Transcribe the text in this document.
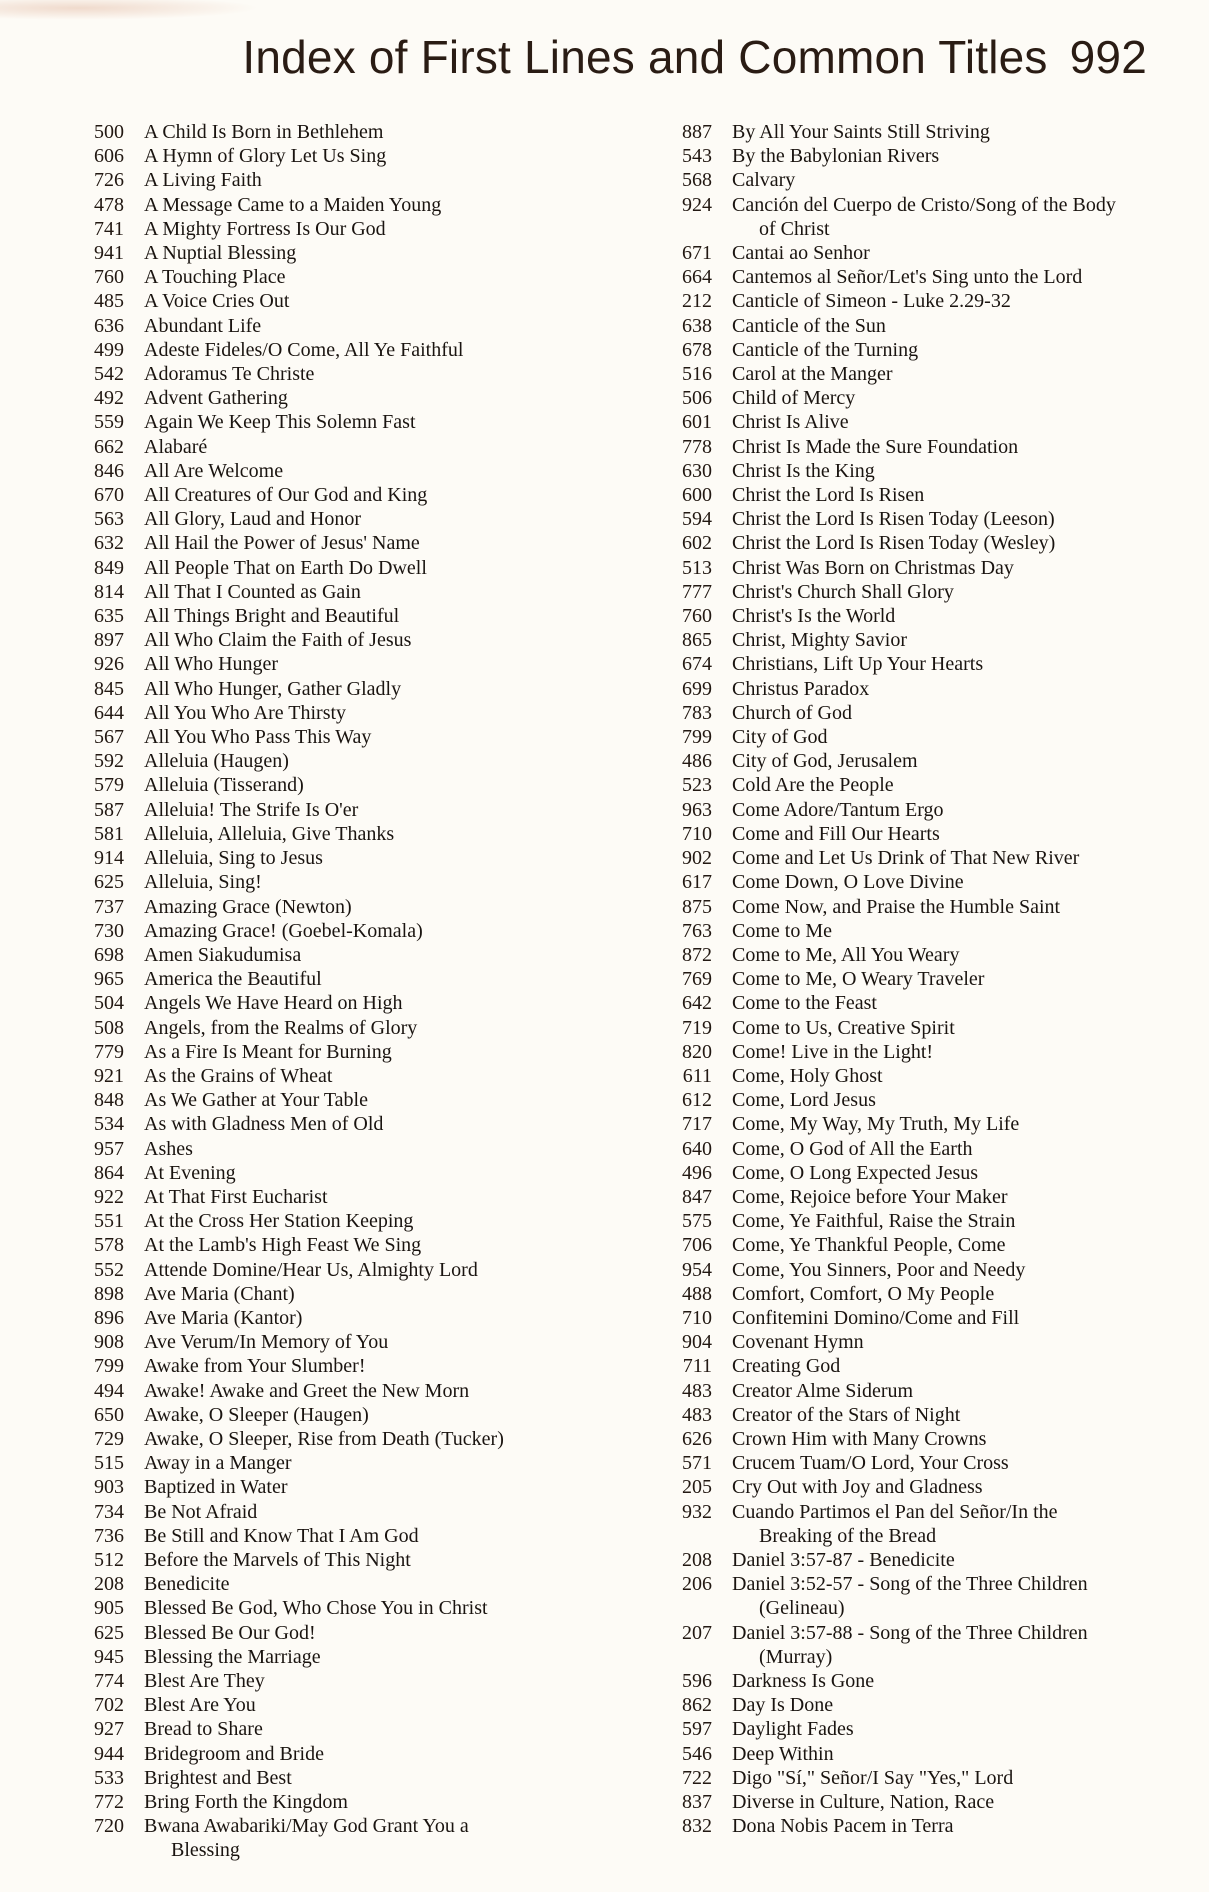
Index of First Lines and Common Titles 992
500	A Child Is Born in Bethlehem
606	A Hymn of Glory Let Us Sing
726	A Living Faith
478	A Message Came to a Maiden Young
741	A Mighty Fortress Is Our God
941	A Nuptial Blessing
760	A Touching Place
485	A Voice Cries Out
636	Abundant Life
499	Adeste Fideles/O Come, All Ye Faithful
542	Adoramus Te Christe
492	Advent Gathering
559	Again We Keep This Solemn Fast
662	Alabaré
846	All Are Welcome
670	All Creatures of Our God and King
563	All Glory, Laud and Honor
632	All Hail the Power of Jesus' Name
849	All People That on Earth Do Dwell
814	All That I Counted as Gain
635	All Things Bright and Beautiful
897	All Who Claim the Faith of Jesus
926	All Who Hunger
845	All Who Hunger, Gather Gladly
644	All You Who Are Thirsty
567	All You Who Pass This Way
592	Alleluia (Haugen)
579	Alleluia (Tisserand)
587	Alleluia! The Strife Is O'er
581	Alleluia, Alleluia, Give Thanks
914	Alleluia, Sing to Jesus
625	Alleluia, Sing!
737	Amazing Grace (Newton)
730	Amazing Grace! (Goebel-Komala)
698	Amen Siakudumisa
965	America the Beautiful
504	Angels We Have Heard on High
508	Angels, from the Realms of Glory
779	As a Fire Is Meant for Burning
921	As the Grains of Wheat
848	As We Gather at Your Table
534	As with Gladness Men of Old
957	Ashes
864	At Evening
922	At That First Eucharist
551	At the Cross Her Station Keeping
578	At the Lamb's High Feast We Sing
552	Attende Domine/Hear Us, Almighty Lord
898	Ave Maria (Chant)
896	Ave Maria (Kantor)
908	Ave Verum/In Memory of You
799	Awake from Your Slumber!
494	Awake! Awake and Greet the New Morn
650	Awake, O Sleeper (Haugen)
729	Awake, O Sleeper, Rise from Death (Tucker)
515	Away in a Manger
903	Baptized in Water
734	Be Not Afraid
736	Be Still and Know That I Am God
512	Before the Marvels of This Night
208	Benedicite
905	Blessed Be God, Who Chose You in Christ
625	Blessed Be Our God!
945	Blessing the Marriage
774	Blest Are They
702	Blest Are You
927	Bread to Share
944	Bridegroom and Bride
533	Brightest and Best
772	Bring Forth the Kingdom
720	Bwana Awabariki/May God Grant You a
Blessing
887	By All Your Saints Still Striving
543	By the Babylonian Rivers
568	Calvary
924	Canción del Cuerpo de Cristo/Song of the Body
of Christ
671	Cantai ao Senhor
664	Cantemos al Señor/Let's Sing unto the Lord
212	Canticle of Simeon - Luke 2.29-32
638	Canticle of the Sun
678	Canticle of the Turning
516	Carol at the Manger
506	Child of Mercy
601	Christ Is Alive
778	Christ Is Made the Sure Foundation
630	Christ Is the King
600	Christ the Lord Is Risen
594	Christ the Lord Is Risen Today (Leeson)
602	Christ the Lord Is Risen Today (Wesley)
513	Christ Was Born on Christmas Day
777	Christ's Church Shall Glory
760	Christ's Is the World
865	Christ, Mighty Savior
674	Christians, Lift Up Your Hearts
699	Christus Paradox
783	Church of God
799	City of God
486	City of God, Jerusalem
523	Cold Are the People
963	Come Adore/Tantum Ergo
710	Come and Fill Our Hearts
902	Come and Let Us Drink of That New River
617	Come Down, O Love Divine
875	Come Now, and Praise the Humble Saint
763	Come to Me
872	Come to Me, All You Weary
769	Come to Me, O Weary Traveler
642	Come to the Feast
719	Come to Us, Creative Spirit
820	Come! Live in the Light!
611	Come, Holy Ghost
612	Come, Lord Jesus
717	Come, My Way, My Truth, My Life
640	Come, O God of All the Earth
496	Come, O Long Expected Jesus
847	Come, Rejoice before Your Maker
575	Come, Ye Faithful, Raise the Strain
706	Come, Ye Thankful People, Come
954	Come, You Sinners, Poor and Needy
488	Comfort, Comfort, O My People
710	Confitemini Domino/Come and Fill
904	Covenant Hymn
711	Creating God
483	Creator Alme Siderum
483	Creator of the Stars of Night
626	Crown Him with Many Crowns
571	Crucem Tuam/O Lord, Your Cross
205	Cry Out with Joy and Gladness
932	Cuando Partimos el Pan del Señor/In the
Breaking of the Bread
208	Daniel 3:57-87 - Benedicite
206	Daniel 3:52-57 - Song of the Three Children
(Gelineau)
207	Daniel 3:57-88 - Song of the Three Children
(Murray)
596	Darkness Is Gone
862	Day Is Done
597	Daylight Fades
546	Deep Within
722	Digo "Sí," Señor/I Say "Yes," Lord
837	Diverse in Culture, Nation, Race
832	Dona Nobis Pacem in Terra
